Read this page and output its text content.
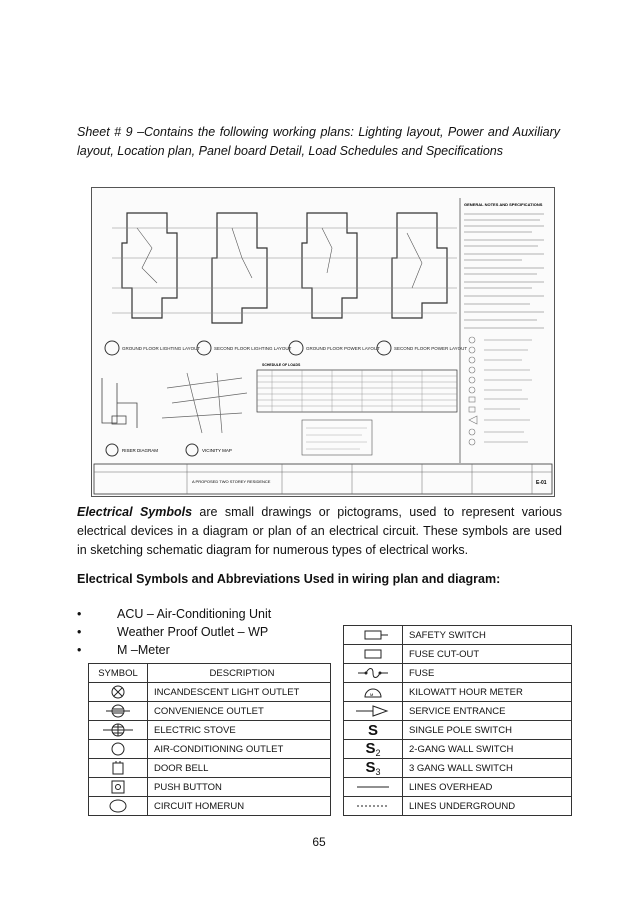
Sheet # 9 –Contains the following working plans: Lighting layout, Power and Auxiliary layout, Location plan, Panel board Detail, Load Schedules and Specifications
GROUND FLOOR LIGHTING LAYOUT	SECOND FLOOR LIGHTING LAYOUT	GROUND FLOOR POWER LAYOUT	SECOND FLOOR POWER LAYOUT
GENERAL NOTES AND SPECIFICATIONS
RISER DIAGRAM	VICINITY MAP
SCHEDULE OF LOADS
A PROPOSED TWO STOREY RESIDENCE	E-01
Electrical Symbols are small drawings or pictograms, used to represent various electrical devices in a diagram or plan of an electrical circuit. These symbols are used in sketching schematic diagram for numerous types of electrical works.
Electrical Symbols and Abbreviations Used in wiring plan and diagram:
•	ACU – Air-Conditioning Unit
•	Weather Proof Outlet – WP
•	M –Meter
SYMBOL	DESCRIPTION

	INCANDESCENT LIGHT OUTLET

	CONVENIENCE OUTLET

	ELECTRIC STOVE

	AIR-CONDITIONING OUTLET

	DOOR BELL

	PUSH BUTTON

	CIRCUIT HOMERUN
	SAFETY SWITCH

	FUSE CUT-OUT

	FUSE

M	KILOWATT HOUR METER

	SERVICE ENTRANCE
S	SINGLE POLE SWITCH
$S_2$	2-GANG WALL SWITCH
$S_3$	3 GANG WALL SWITCH

	LINES OVERHEAD

	LINES UNDERGROUND
65
